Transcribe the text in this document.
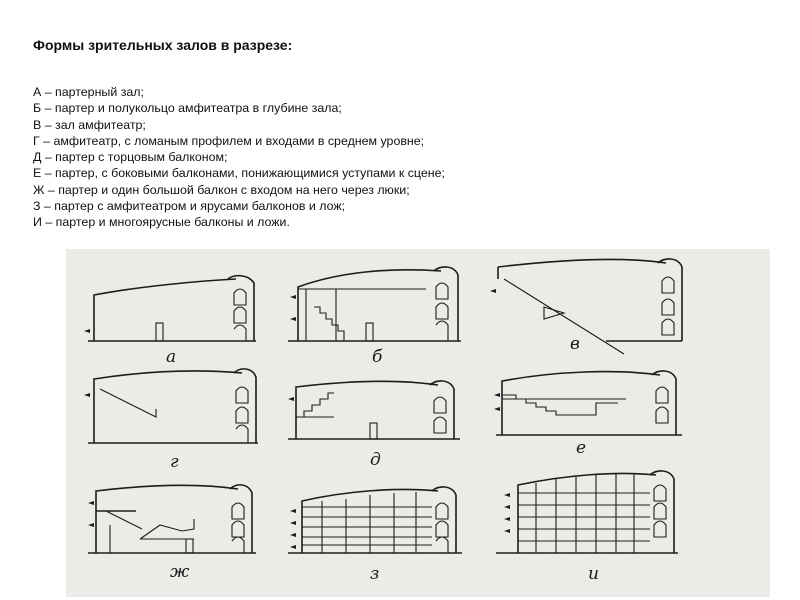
Формы зрительных залов в разрезе:
А – партерный зал;
Б – партер и полукольцо амфитеатра в глубине зала;
В – зал амфитеатр;
Г – амфитеатр, с ломаным профилем и входами в среднем уровне;
Д – партер с торцовым балконом;
Е – партер, с боковыми балконами, понижающимися уступами к сцене;
Ж – партер и один большой балкон с входом на него через люки;
З – партер с амфитеатром и ярусами балконов и лож;
И – партер и многоярусные балконы и ложи.
а	б
в
г	д
е
ж	з	и
